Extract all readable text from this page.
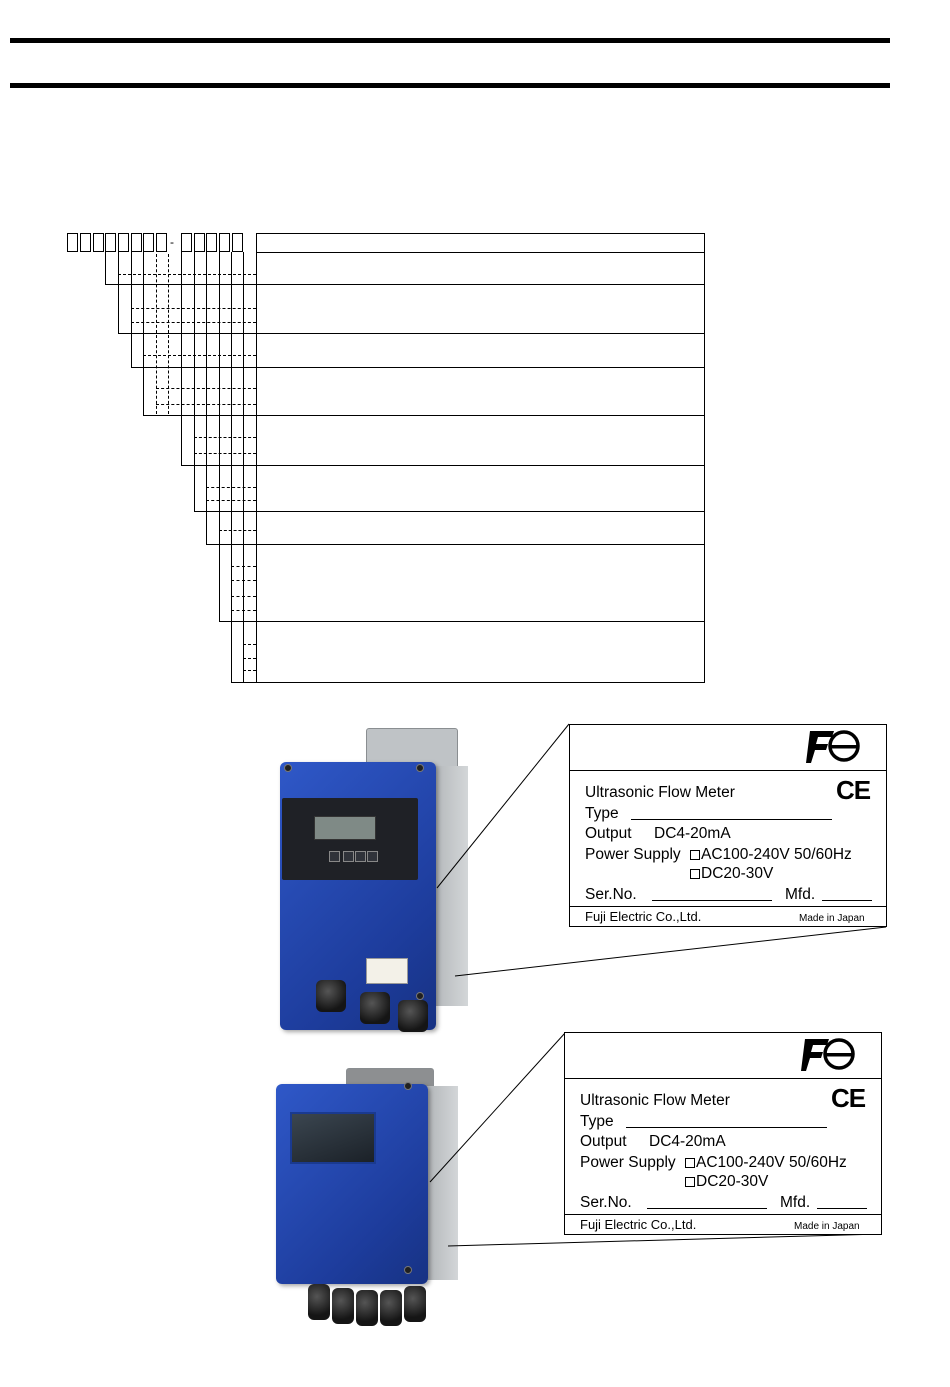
-
CE
Ultrasonic Flow Meter
Type
Output DC4-20mA
Power Supply	AC100-240V 50/60Hz
DC20-30V
Ser.No.	Mfd.
Fuji Electric Co.,Ltd.	Made in Japan
CE
Ultrasonic Flow Meter
Type
Output DC4-20mA
Power Supply	AC100-240V 50/60Hz
DC20-30V
Ser.No.	Mfd.
Fuji Electric Co.,Ltd.	Made in Japan
